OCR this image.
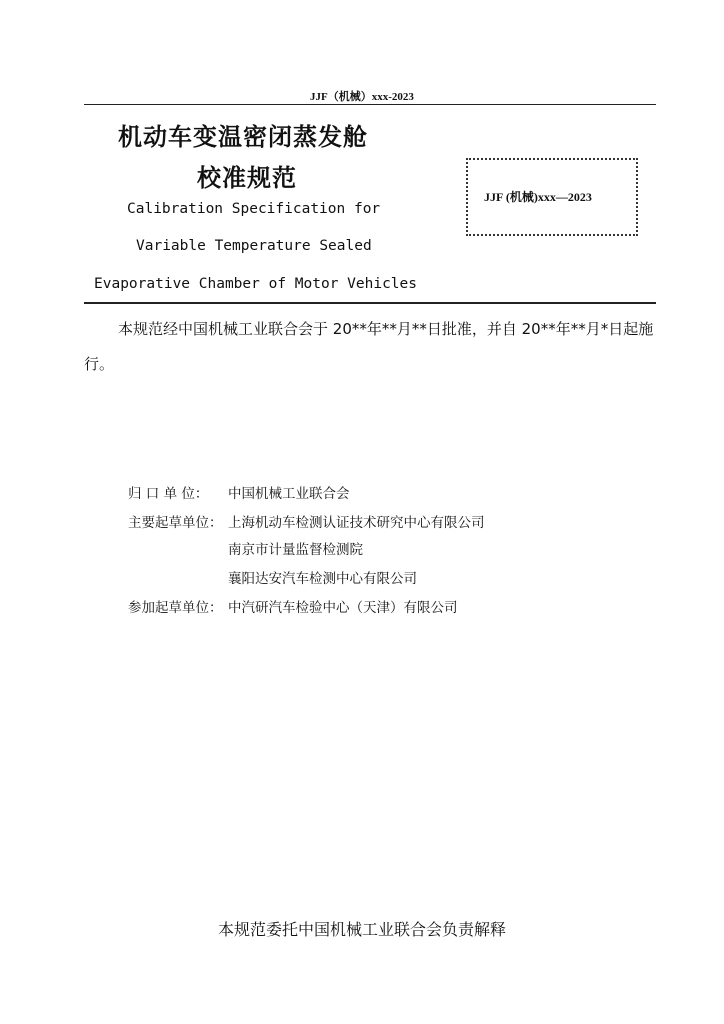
JJF（机械）xxx-2023
机动车变温密闭蒸发舱
校准规范
Calibration Specification for
Variable Temperature Sealed
Evaporative Chamber of Motor Vehicles
JJF (机械)xxx—2023
本规范经中国机械工业联合会于 20**年**月**日批准，并自 20**年**月*日起施行。
归 口 单 位： 中国机械工业联合会
主要起草单位： 上海机动车检测认证技术研究中心有限公司
南京市计量监督检测院
襄阳达安汽车检测中心有限公司
参加起草单位： 中汽研汽车检验中心（天津）有限公司
本规范委托中国机械工业联合会负责解释
